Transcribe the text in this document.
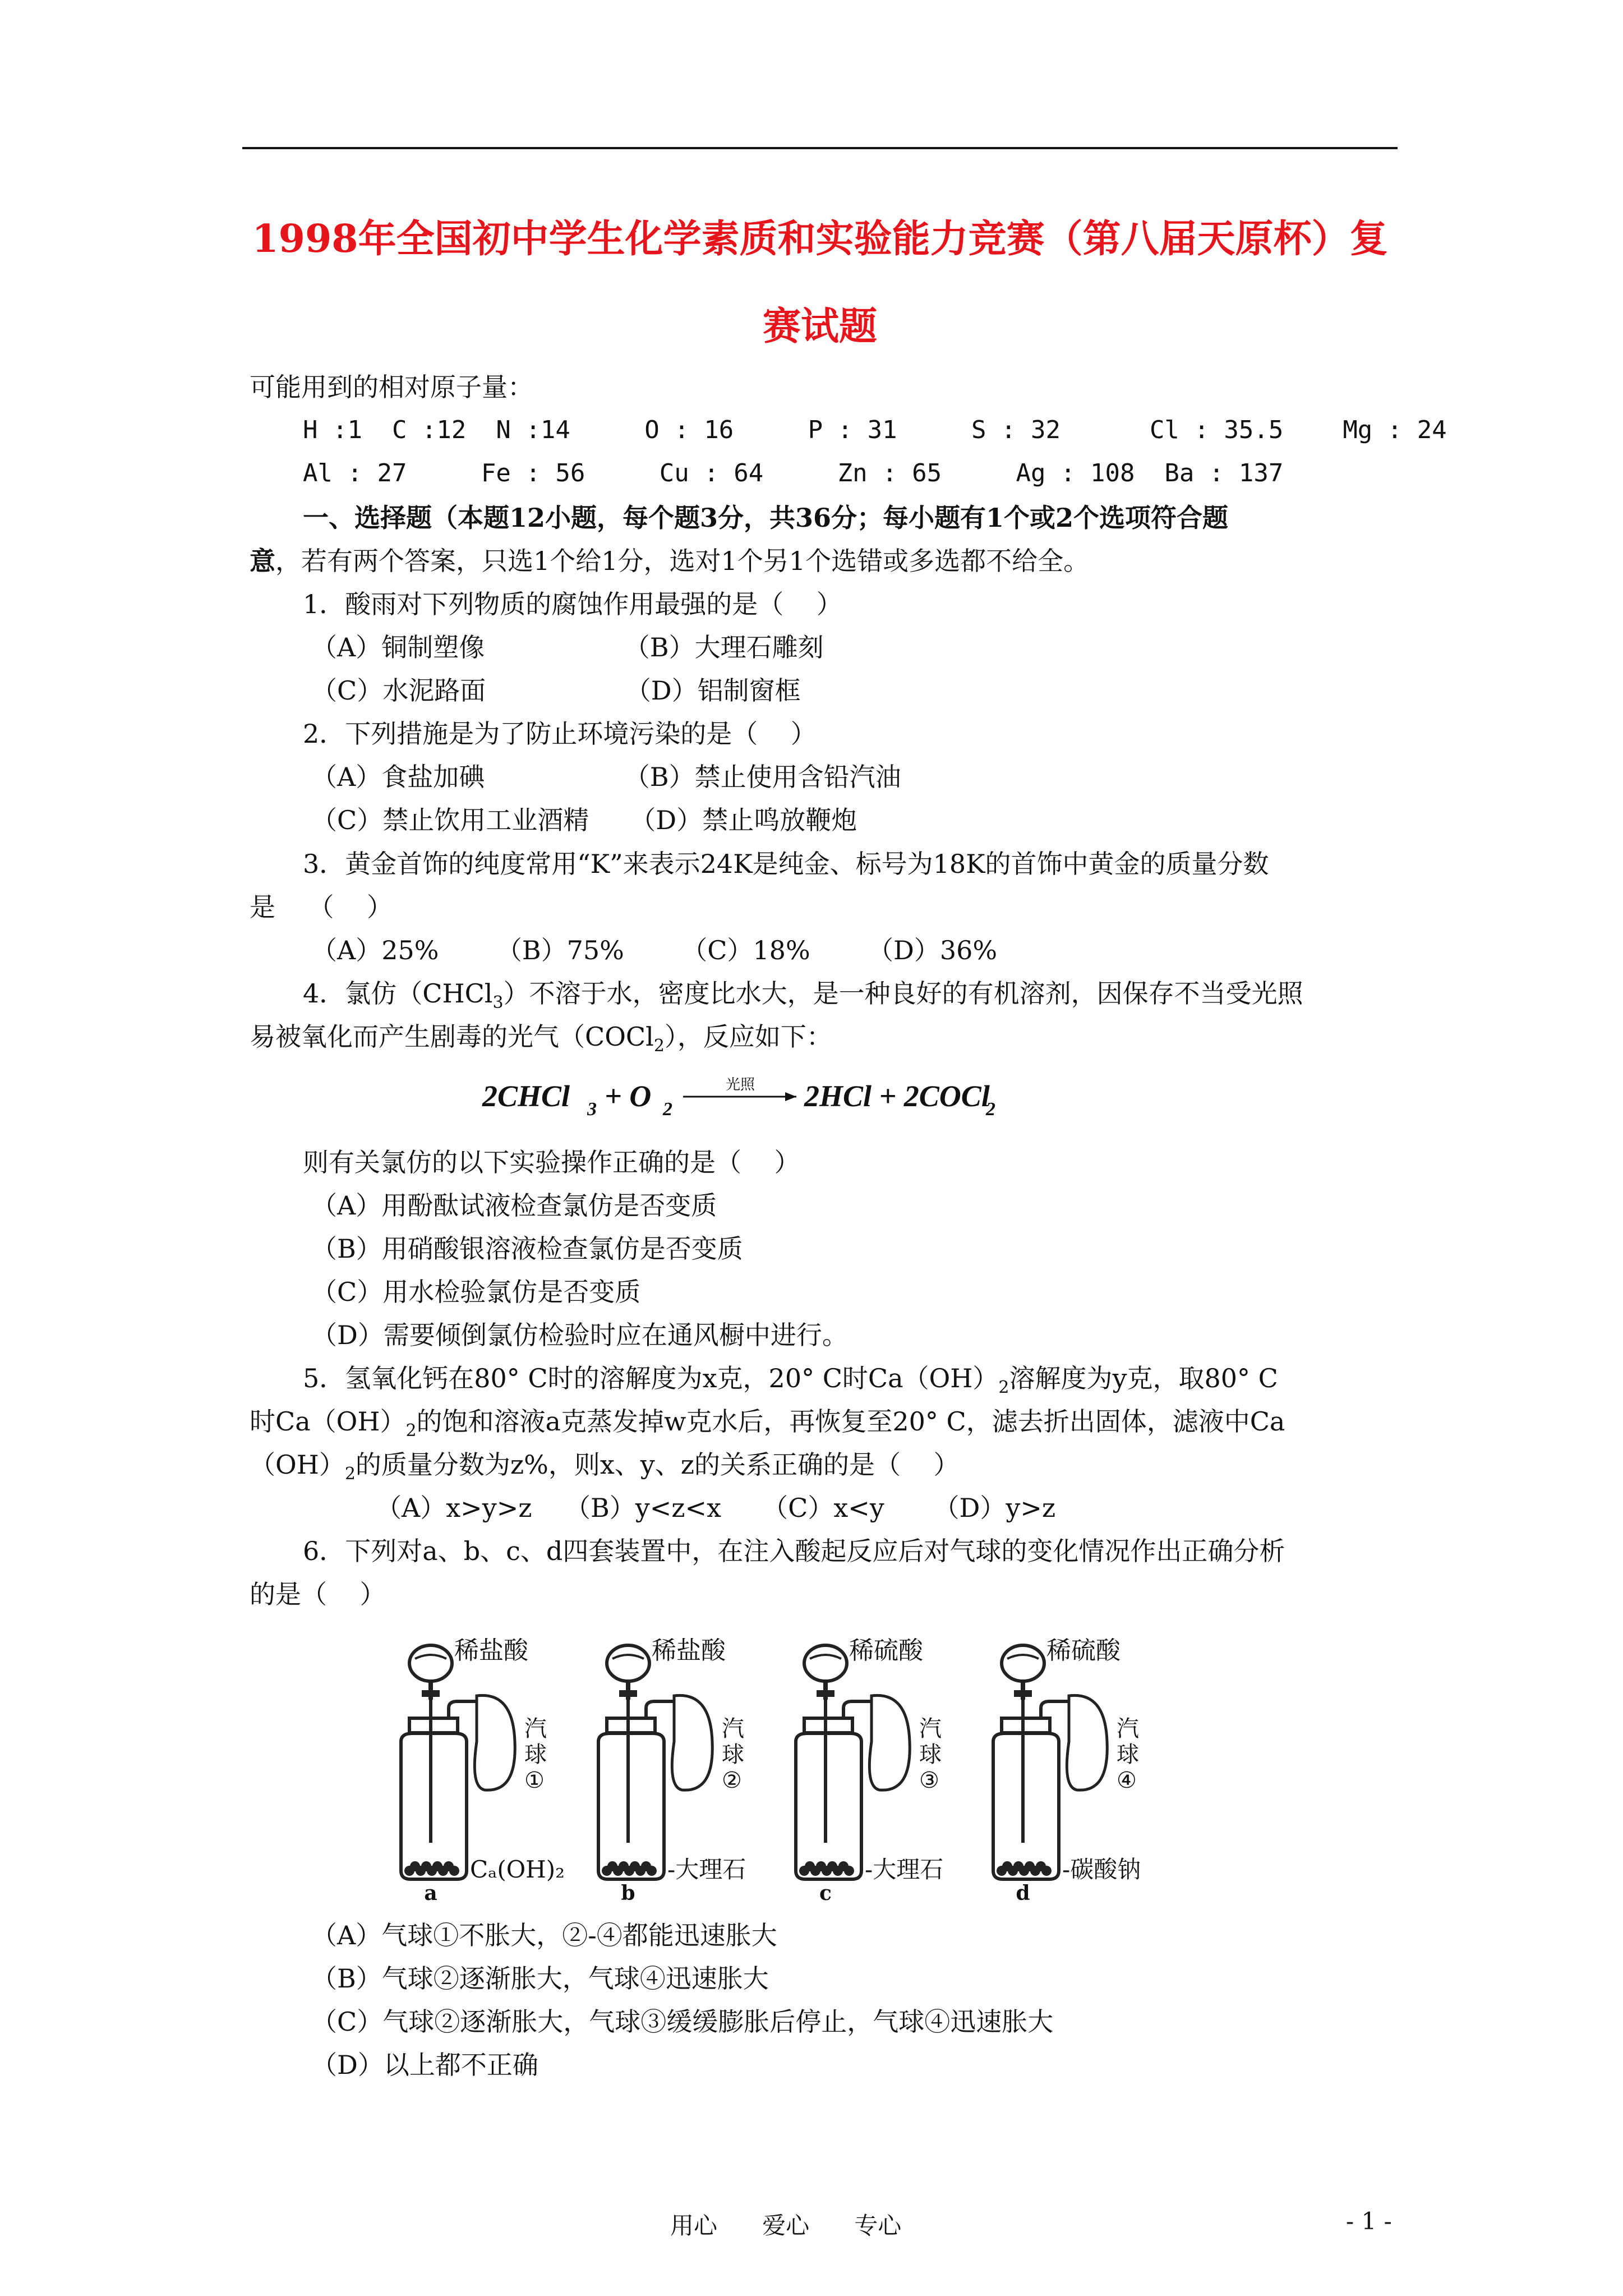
1998年全国初中学生化学素质和实验能力竞赛（第八届天原杯）复
赛试题
可能用到的相对原子量：
H :1  C :12  N :14     O : 16     P : 31     S : 32      Cl : 35.5    Mg : 24
Al : 27     Fe : 56     Cu : 64     Zn : 65     Ag : 108  Ba : 137
一、选择题（本题12小题，每个题3分，共36分；每小题有1个或2个选项符合题
意，若有两个答案，只选1个给1分，选对1个另1个选错或多选都不给全。
1．酸雨对下列物质的腐蚀作用最强的是（    ）
（A）铜制塑像                 （B）大理石雕刻
（C）水泥路面                 （D）铝制窗框
2．下列措施是为了防止环境污染的是（    ）
（A）食盐加碘                 （B）禁止使用含铅汽油
（C）禁止饮用工业酒精     （D）禁止鸣放鞭炮
3．黄金首饰的纯度常用“K”来表示24K是纯金、标号为18K的首饰中黄金的质量分数
是    （    ）
（A）25%       （B）75%       （C）18%       （D）36%
4．氯仿（CHCl$_3$）不溶于水，密度比水大，是一种良好的有机溶剂，因保存不当受光照
易被氧化而产生剧毒的光气（COCl$_2$），反应如下：
2CHCl 3 + O 2	2HCl + 2COCl
2
光照
则有关氯仿的以下实验操作正确的是（    ）
（A）用酚酞试液检查氯仿是否变质
（B）用硝酸银溶液检查氯仿是否变质
（C）用水检验氯仿是否变质
（D）需要倾倒氯仿检验时应在通风橱中进行。
5．氢氧化钙在80° C时的溶解度为x克，20° C时$Ca(OH)_2$溶解度为y克，取80° C
时$Ca(OH)_2$的饱和溶液a克蒸发掉w克水后，再恢复至20° C，滤去折出固体，滤液中Ca
$(OH)_2$的质量分数为z%，则x、y、z的关系正确的是（    ）
（A）x>y>z    （B）y<z<x     （C）x<y      （D）y>z
6．下列对a、b、c、d四套装置中，在注入酸起反应后对气球的变化情况作出正确分析
的是（    ）
稀盐酸
汽球 ①
Cₐ(OH)₂
a
稀盐酸
汽球 ②
-大理石
b
稀硫酸
汽球 ③
-大理石
c
稀硫酸
汽球 ④
-碳酸钠
d
（A）气球①不胀大，②-④都能迅速胀大
（B）气球②逐渐胀大，气球④迅速胀大
（C）气球②逐渐胀大，气球③缓缓膨胀后停止，气球④迅速胀大
（D）以上都不正确
用心      爱心      专心	- 1 -
